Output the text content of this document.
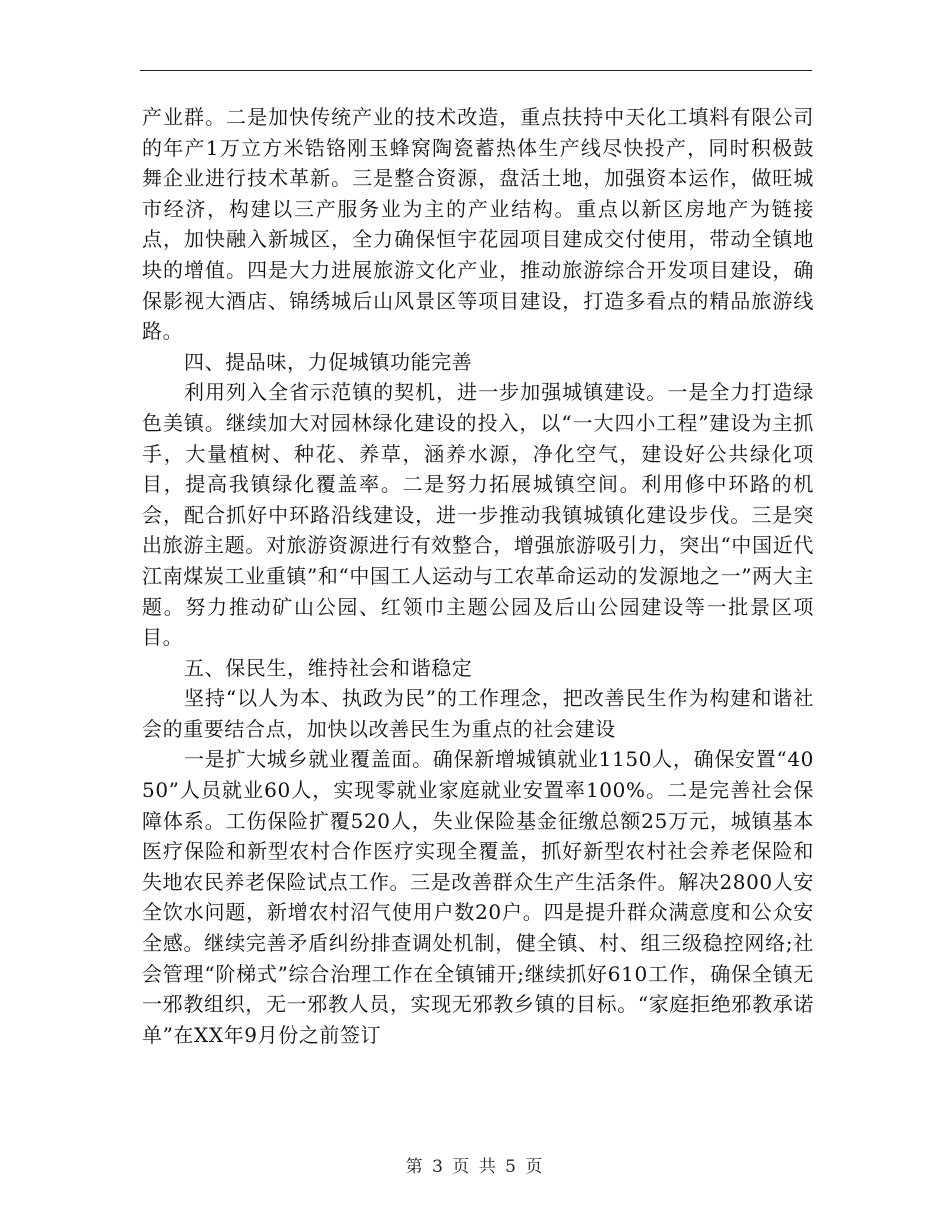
产业群。二是加快传统产业的技术改造，重点扶持中天化工填料有限公司的年产1万立方米锆铬刚玉蜂窝陶瓷蓄热体生产线尽快投产，同时积极鼓舞企业进行技术革新。三是整合资源，盘活土地，加强资本运作，做旺城市经济，构建以三产服务业为主的产业结构。重点以新区房地产为链接点，加快融入新城区，全力确保恒宇花园项目建成交付使用，带动全镇地块的增值。四是大力进展旅游文化产业，推动旅游综合开发项目建设，确保影视大酒店、锦绣城后山风景区等项目建设，打造多看点的精品旅游线路。

四、提品味，力促城镇功能完善

利用列入全省示范镇的契机，进一步加强城镇建设。一是全力打造绿色美镇。继续加大对园林绿化建设的投入，以“一大四小工程”建设为主抓手，大量植树、种花、养草，涵养水源，净化空气，建设好公共绿化项目，提高我镇绿化覆盖率。二是努力拓展城镇空间。利用修中环路的机会，配合抓好中环路沿线建设，进一步推动我镇城镇化建设步伐。三是突出旅游主题。对旅游资源进行有效整合，增强旅游吸引力，突出“中国近代江南煤炭工业重镇”和“中国工人运动与工农革命运动的发源地之一”两大主题。努力推动矿山公园、红领巾主题公园及后山公园建设等一批景区项目。

五、保民生，维持社会和谐稳定

坚持“以人为本、执政为民”的工作理念，把改善民生作为构建和谐社会的重要结合点，加快以改善民生为重点的社会建设

一是扩大城乡就业覆盖面。确保新增城镇就业1150人，确保安置“4050”人员就业60人，实现零就业家庭就业安置率100%。二是完善社会保障体系。工伤保险扩覆520人，失业保险基金征缴总额25万元，城镇基本医疗保险和新型农村合作医疗实现全覆盖，抓好新型农村社会养老保险和失地农民养老保险试点工作。三是改善群众生产生活条件。解决2800人安全饮水问题，新增农村沼气使用户数20户。四是提升群众满意度和公众安全感。继续完善矛盾纠纷排查调处机制，健全镇、村、组三级稳控网络;社会管理“阶梯式”综合治理工作在全镇铺开;继续抓好610工作，确保全镇无一邪教组织，无一邪教人员，实现无邪教乡镇的目标。“家庭拒绝邪教承诺单”在XX年9月份之前签订

第 3 页 共 5 页
